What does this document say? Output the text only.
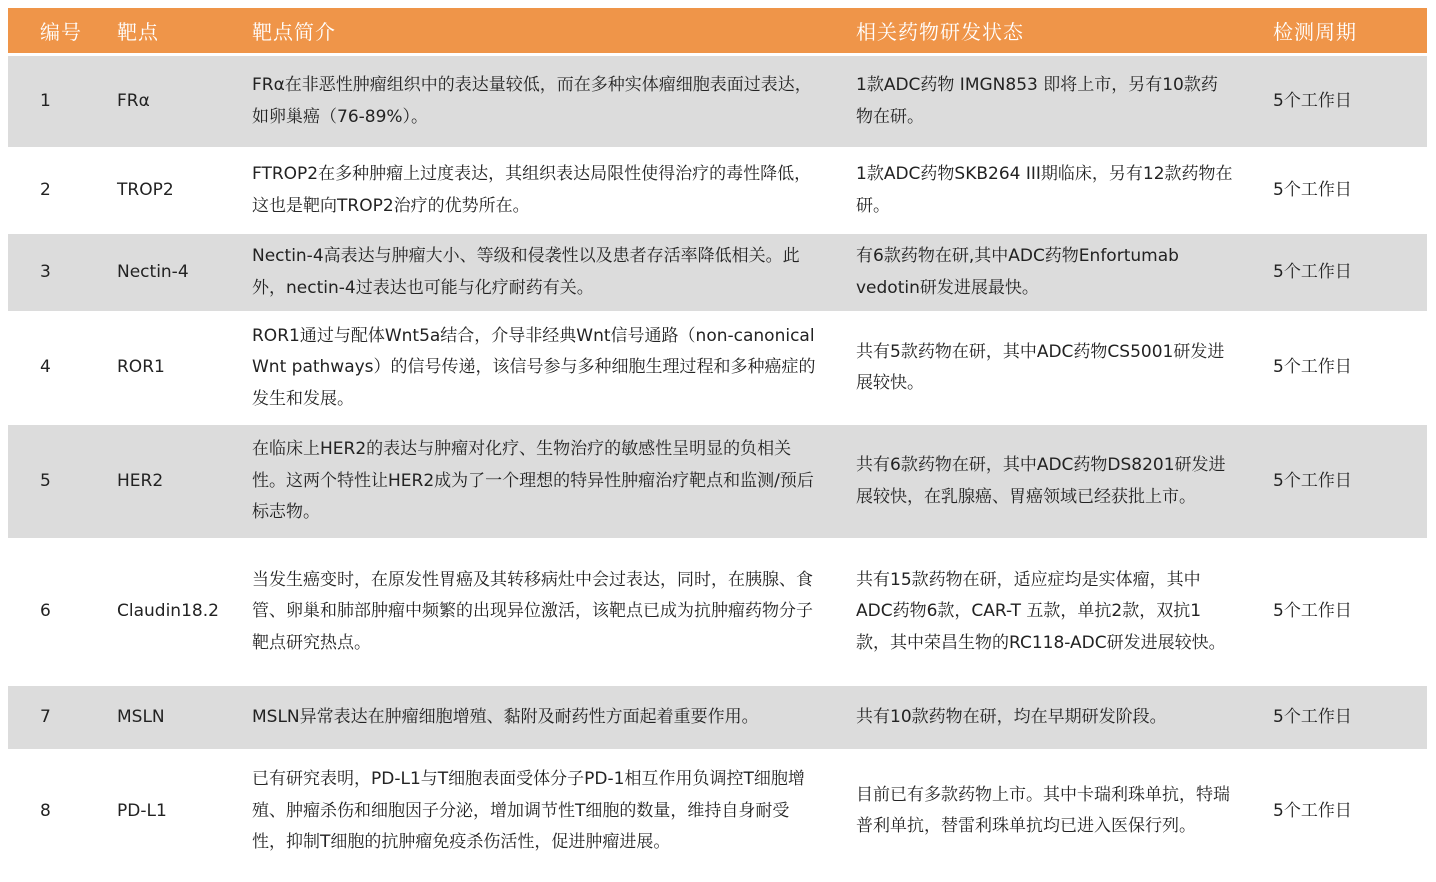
编号	靶点	靶点简介	相关药物研发状态	检测周期
1	FRα	FRα在非恶性肿瘤组织中的表达量较低，而在多种实体瘤细胞表面过表达，如卵巢癌（76-89%）。	1款ADC药物 IMGN853 即将上市，另有10款药物在研。	5个工作日
2	TROP2	FTROP2在多种肿瘤上过度表达，其组织表达局限性使得治疗的毒性降低，这也是靶向TROP2治疗的优势所在。	1款ADC药物SKB264 III期临床，另有12款药物在研。	5个工作日
3	Nectin-4	Nectin-4高表达与肿瘤大小、等级和侵袭性以及患者存活率降低相关。此外，nectin-4过表达也可能与化疗耐药有关。	有6款药物在研,其中ADC药物Enfortumab vedotin研发进展最快。	5个工作日
4	ROR1	ROR1通过与配体Wnt5a结合，介导非经典Wnt信号通路（non-canonical Wnt pathways）的信号传递，该信号参与多种细胞生理过程和多种癌症的发生和发展。	共有5款药物在研，其中ADC药物CS5001研发进展较快。	5个工作日
5	HER2	在临床上HER2的表达与肿瘤对化疗、生物治疗的敏感性呈明显的负相关性。这两个特性让HER2成为了一个理想的特异性肿瘤治疗靶点和监测/预后标志物。	共有6款药物在研，其中ADC药物DS8201研发进展较快，在乳腺癌、胃癌领域已经获批上市。	5个工作日
6	Claudin18.2	当发生癌变时，在原发性胃癌及其转移病灶中会过表达，同时，在胰腺、食管、卵巢和肺部肿瘤中频繁的出现异位激活，该靶点已成为抗肿瘤药物分子靶点研究热点。	共有15款药物在研，适应症均是实体瘤，其中ADC药物6款，CAR-T 五款，单抗2款，双抗1款，其中荣昌生物的RC118-ADC研发进展较快。	5个工作日
7	MSLN	MSLN异常表达在肿瘤细胞增殖、黏附及耐药性方面起着重要作用。	共有10款药物在研，均在早期研发阶段。	5个工作日
8	PD-L1	已有研究表明，PD-L1与T细胞表面受体分子PD-1相互作用负调控T细胞增殖、肿瘤杀伤和细胞因子分泌，增加调节性T细胞的数量，维持自身耐受性，抑制T细胞的抗肿瘤免疫杀伤活性，促进肿瘤进展。	目前已有多款药物上市。其中卡瑞利珠单抗，特瑞普利单抗，替雷利珠单抗均已进入医保行列。	5个工作日
